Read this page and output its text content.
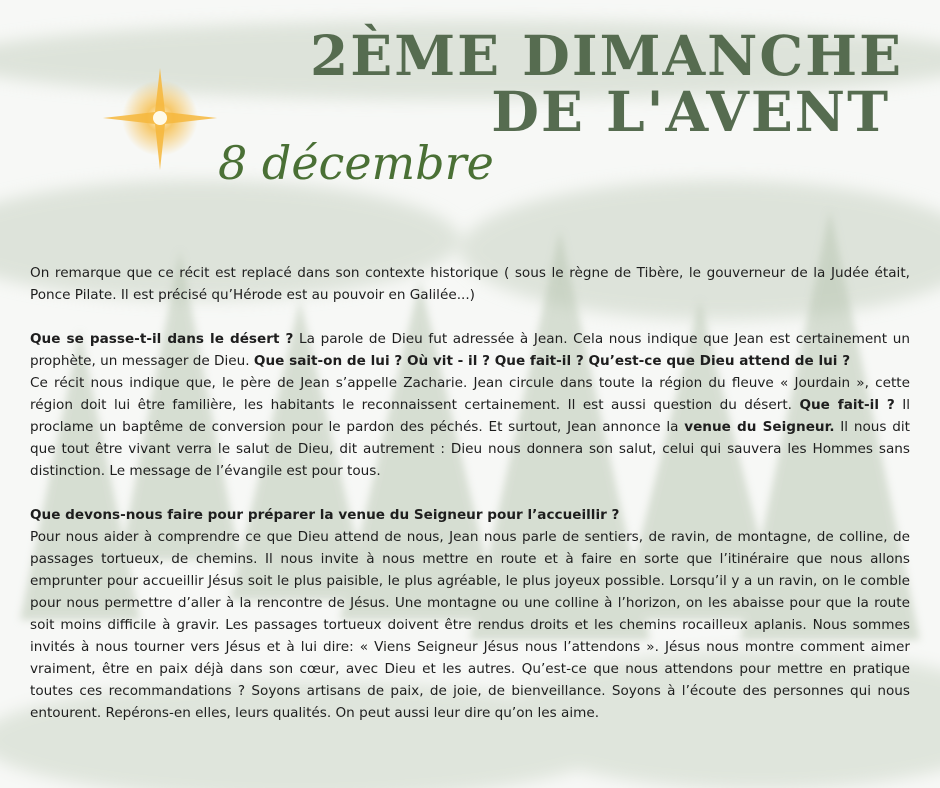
2ÈME DIMANCHE
DE L'AVENT
8 décembre

On remarque que ce récit est replacé dans son contexte historique ( sous le règne de Tibère, le gouverneur de la Judée était, Ponce Pilate. Il est précisé qu’Hérode est au pouvoir en Galilée...)

Que se passe-t-il dans le désert ? La parole de Dieu fut adressée à Jean. Cela nous indique que Jean est certainement un prophète, un messager de Dieu. Que sait-on de lui ? Où vit - il ? Que fait-il ? Qu’est-ce que Dieu attend de lui ?

Ce récit nous indique que, le père de Jean s’appelle Zacharie. Jean circule dans toute la région du fleuve « Jourdain », cette région doit lui être familière, les habitants le reconnaissent certainement. Il est aussi question du désert. Que fait-il ? Il proclame un baptême de conversion pour le pardon des péchés. Et surtout, Jean annonce la venue du Seigneur. Il nous dit que tout être vivant verra le salut de Dieu, dit autrement : Dieu nous donnera son salut, celui qui sauvera les Hommes sans distinction. Le message de l’évangile est pour tous.

Que devons-nous faire pour préparer la venue du Seigneur pour l’accueillir ?

Pour nous aider à comprendre ce que Dieu attend de nous, Jean nous parle de sentiers, de ravin, de montagne, de colline, de passages tortueux, de chemins. Il nous invite à nous mettre en route et à faire en sorte que l’itinéraire que nous allons emprunter pour accueillir Jésus soit le plus paisible, le plus agréable, le plus joyeux possible. Lorsqu’il y a un ravin, on le comble pour nous permettre d’aller à la rencontre de Jésus. Une montagne ou une colline à l’horizon, on les abaisse pour que la route soit moins difficile à gravir. Les passages tortueux doivent être rendus droits et les chemins rocailleux aplanis. Nous sommes invités à nous tourner vers Jésus et à lui dire: « Viens Seigneur Jésus nous l’attendons ». Jésus nous montre comment aimer vraiment, être en paix déjà dans son cœur, avec Dieu et les autres. Qu’est-ce que nous attendons pour mettre en pratique toutes ces recommandations ? Soyons artisans de paix, de joie, de bienveillance. Soyons à l’écoute des personnes qui nous entourent. Repérons-en elles, leurs qualités. On peut aussi leur dire qu’on les aime.
